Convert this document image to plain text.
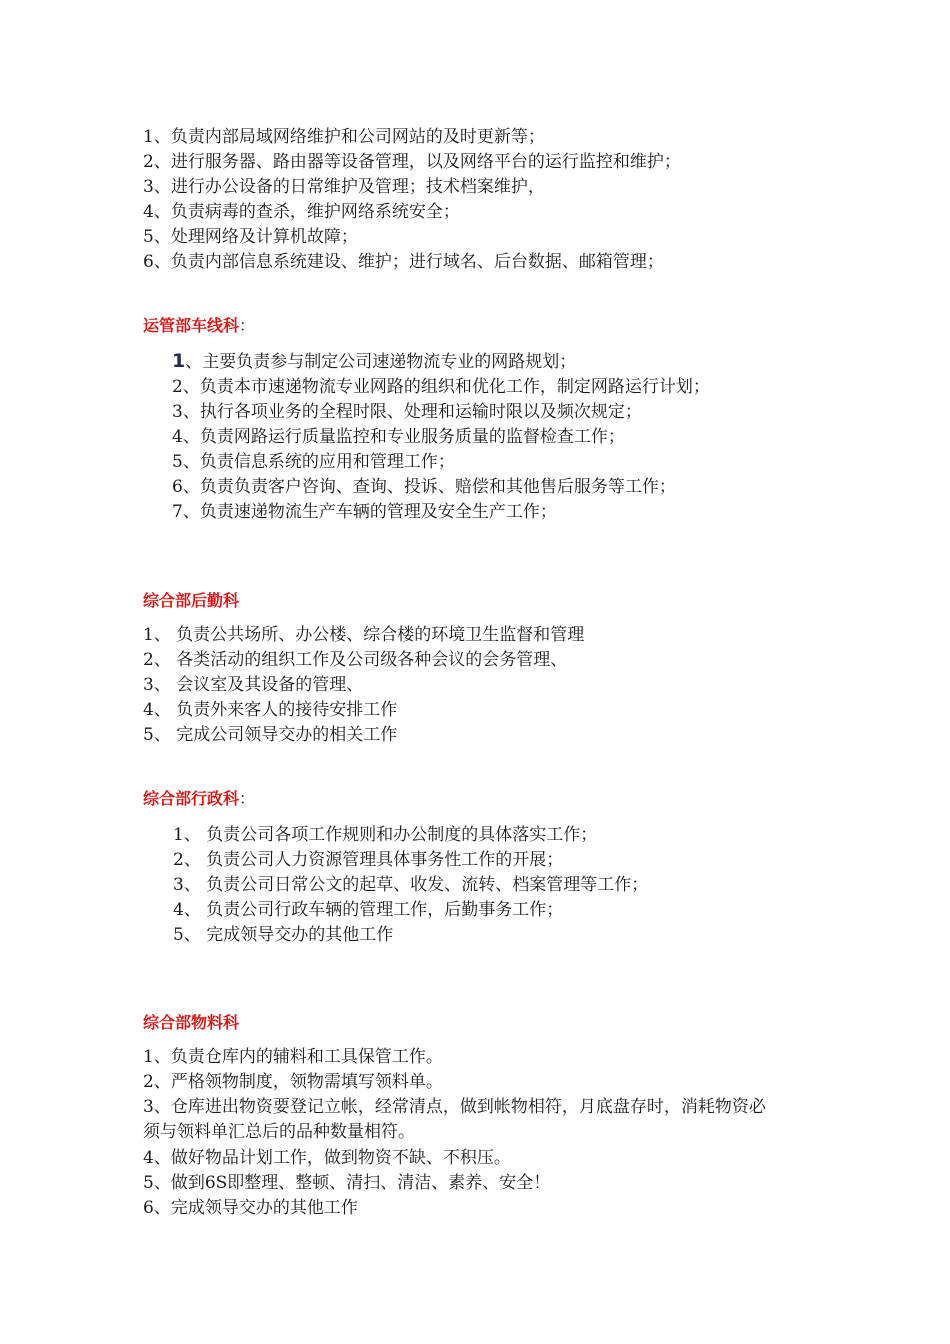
1、负责内部局域网络维护和公司网站的及时更新等；
2、进行服务器、路由器等设备管理，以及网络平台的运行监控和维护；
3、进行办公设备的日常维护及管理；技术档案维护，
4、负责病毒的查杀，维护网络系统安全；
5、处理网络及计算机故障；
6、负责内部信息系统建设、维护；进行域名、后台数据、邮箱管理；
运管部车线科：
1、主要负责参与制定公司速递物流专业的网路规划；
2、负责本市速递物流专业网路的组织和优化工作，制定网路运行计划；
3、执行各项业务的全程时限、处理和运输时限以及频次规定；
4、负责网路运行质量监控和专业服务质量的监督检查工作；
5、负责信息系统的应用和管理工作；
6、负责负责客户咨询、查询、投诉、赔偿和其他售后服务等工作；
7、负责速递物流生产车辆的管理及安全生产工作；
综合部后勤科
1、 负责公共场所、办公楼、综合楼的环境卫生监督和管理
2、 各类活动的组织工作及公司级各种会议的会务管理、
3、 会议室及其设备的管理、
4、 负责外来客人的接待安排工作
5、 完成公司领导交办的相关工作
综合部行政科：
1、 负责公司各项工作规则和办公制度的具体落实工作；
2、 负责公司人力资源管理具体事务性工作的开展；
3、 负责公司日常公文的起草、收发、流转、档案管理等工作；
4、 负责公司行政车辆的管理工作，后勤事务工作；
5、 完成领导交办的其他工作
综合部物料科
1、负责仓库内的辅料和工具保管工作。
2、严格领物制度，领物需填写领料单。
3、仓库进出物资要登记立帐，经常清点，做到帐物相符，月底盘存时，消耗物资必
须与领料单汇总后的品种数量相符。
4、做好物品计划工作，做到物资不缺、不积压。
5、做到6S即整理、整顿、清扫、清洁、素养、安全！
6、完成领导交办的其他工作
